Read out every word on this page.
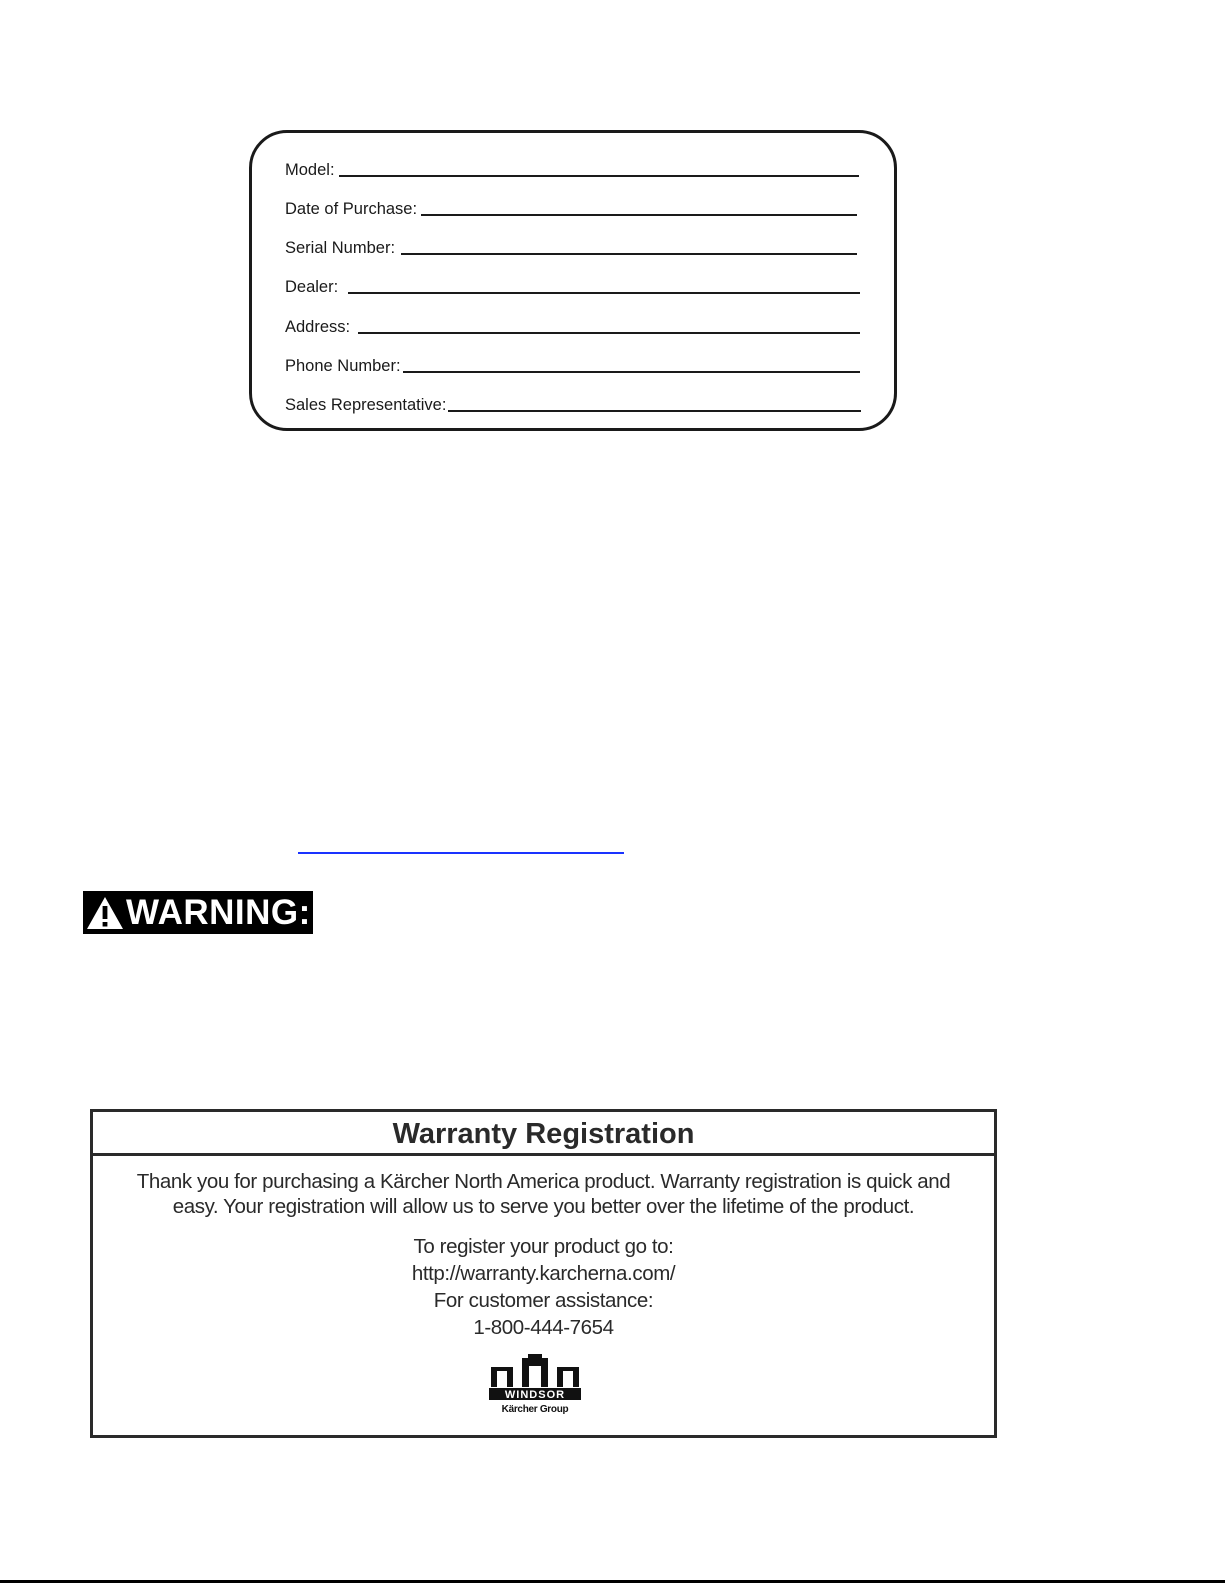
Model:
Date of Purchase:
Serial Number:
Dealer:
Address:
Phone Number:
Sales Representative:
WARNING:
Warranty Registration
Thank you for purchasing a Kärcher North America product. Warranty registration is quick and easy. Your registration will allow us to serve you better over the lifetime of the product.
To register your product go to:
http://warranty.karcherna.com/
For customer assistance:
1-800-444-7654
WINDSOR
Kärcher Group
